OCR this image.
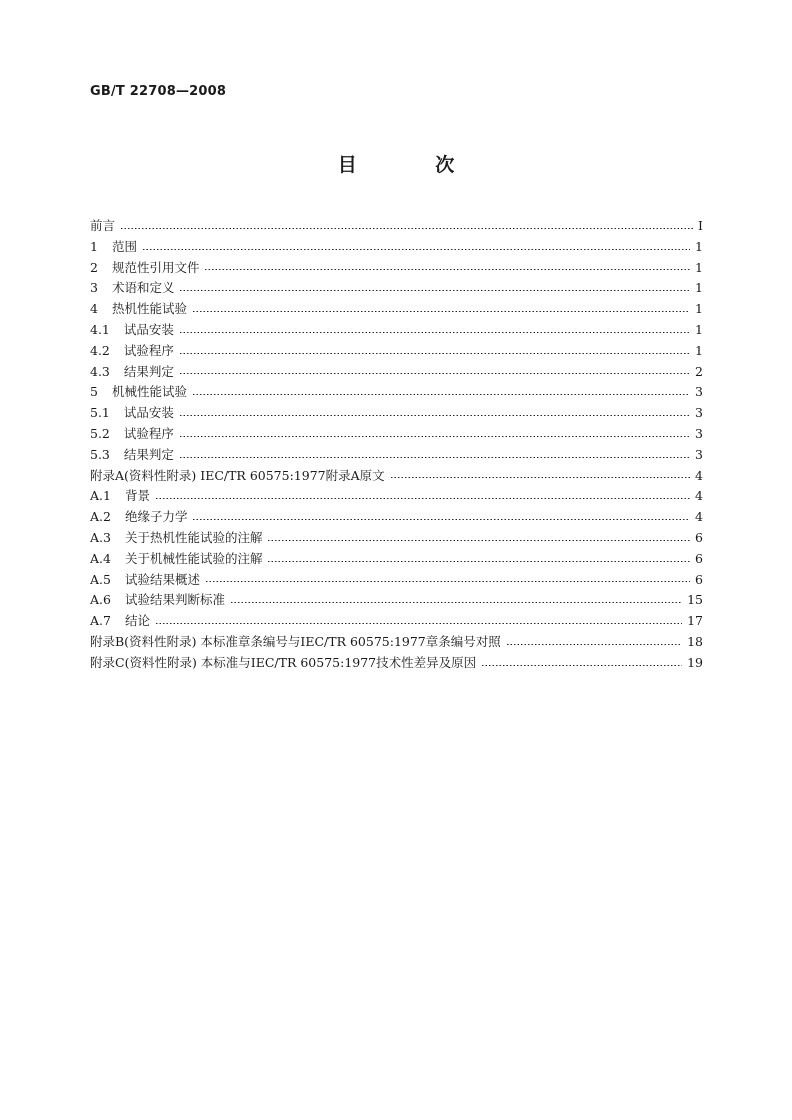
GB/T 22708—2008
目 次
前言	Ⅰ
1 范围	1
2 规范性引用文件	1
3 术语和定义	1
4 热机性能试验	1
4.1 试品安装	1
4.2 试验程序	1
4.3 结果判定	2
5 机械性能试验	3
5.1 试品安装	3
5.2 试验程序	3
5.3 结果判定	3
附录A(资料性附录) IEC/TR 60575:1977附录A原文	4
A.1 背景	4
A.2 绝缘子力学	4
A.3 关于热机性能试验的注解	6
A.4 关于机械性能试验的注解	6
A.5 试验结果概述	6
A.6 试验结果判断标准	15
A.7 结论	17
附录B(资料性附录) 本标准章条编号与IEC/TR 60575:1977章条编号对照	18
附录C(资料性附录) 本标准与IEC/TR 60575:1977技术性差异及原因	19
